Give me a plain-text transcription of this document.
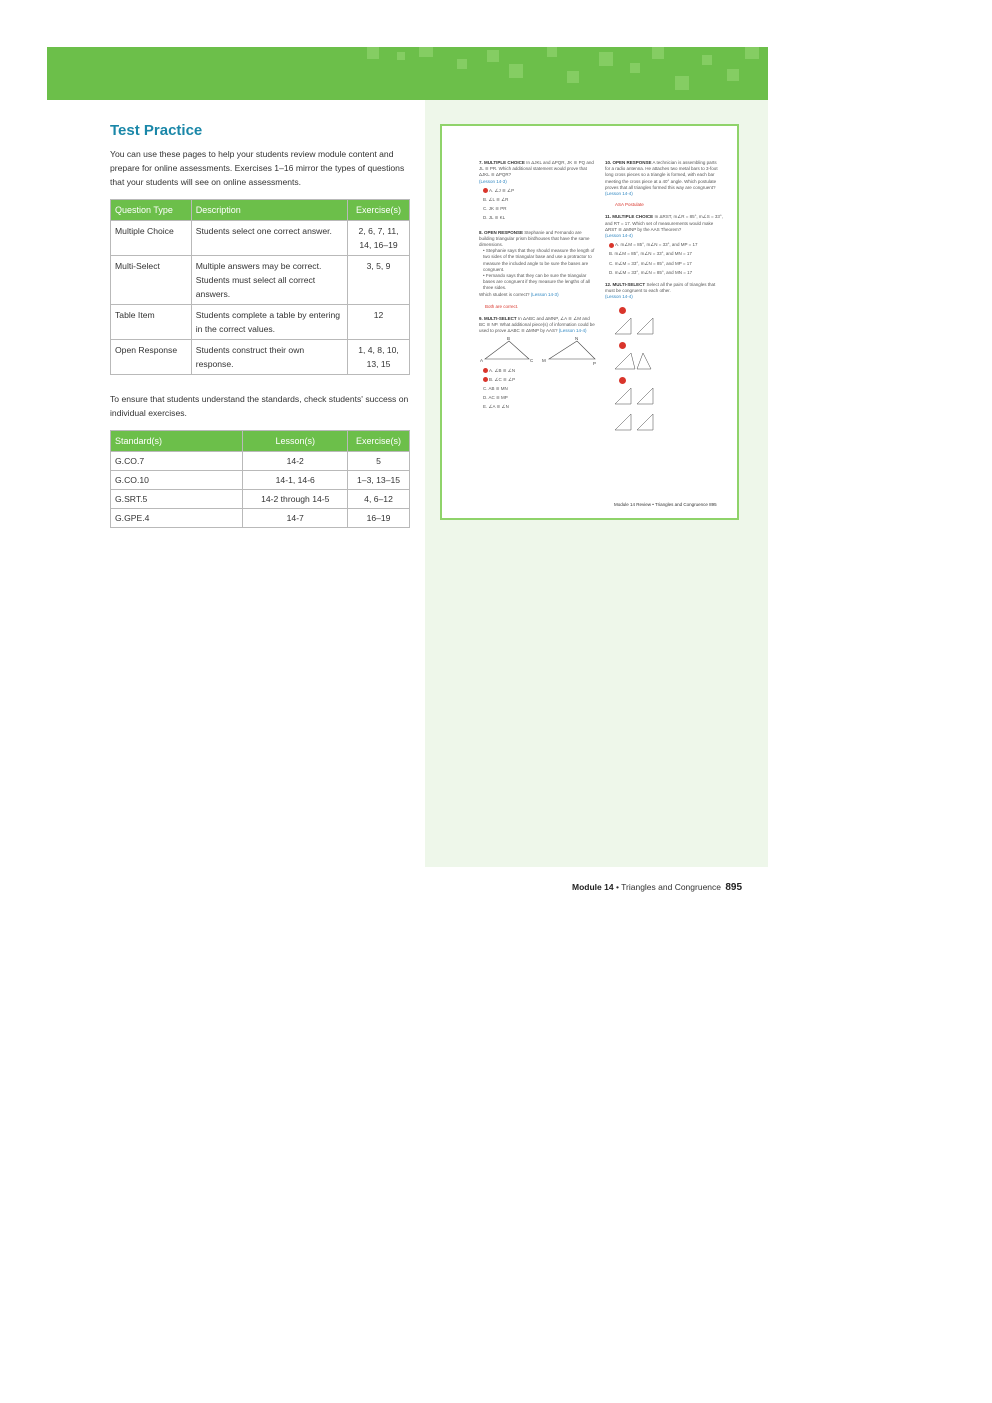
Test Practice

You can use these pages to help your students review module content and prepare for online assessments. Exercises 1–16 mirror the types of questions that your students will see on online assessments.

Question Type	Description	Exercise(s)
Multiple Choice	Students select one correct answer.	2, 6, 7, 11, 14, 16–19
Multi-Select	Multiple answers may be correct. Students must select all correct answers.	3, 5, 9
Table Item	Students complete a table by entering in the correct values.	12
Open Response	Students construct their own response.	1, 4, 8, 10, 13, 15

To ensure that students understand the standards, check students' success on individual exercises.

Standard(s)	Lesson(s)	Exercise(s)
G.CO.7	14-2	5
G.CO.10	14-1, 14-6	1–3, 13–15
G.SRT.5	14-2 through 14-5	4, 6–12
G.GPE.4	14-7	16–19
7. MULTIPLE CHOICE In ΔJKL and ΔPQR, JK ≅ PQ and JL ≅ PR. Which additional statement would prove that ΔJKL ≅ ΔPQR?
(Lesson 14-3)
A. ∠J ≅ ∠P
B. ∠L ≅ ∠R
C. JK ≅ PR
D. JL ≅ KL
8. OPEN RESPONSE Stephanie and Fernando are building triangular prism birdhouses that have the same dimensions.
• Stephanie says that they should measure the length of two sides of the triangular base and use a protractor to measure the included angle to be sure the bases are congruent.
• Fernando says that they can be sure the triangular bases are congruent if they measure the lengths of all three sides.
Which student is correct? (Lesson 14-3)
Both are correct.
9. MULTI-SELECT In ΔABC and ΔMNP, ∠A ≅ ∠M and BC ≅ NP. What additional piece(s) of information could be used to prove ΔABC ≅ ΔMNP by AAS? (Lesson 14-4)
B	N
A	C M
P
A. ∠B ≅ ∠N
B. ∠C ≅ ∠P
C. AB ≅ MN
D. AC ≅ MP
E. ∠A ≅ ∠N
10. OPEN RESPONSE A technician is assembling parts for a radio antenna. He attaches two metal bars to 3-foot long cross pieces so a triangle is formed, with each bar meeting the cross piece at a 40° angle. Which postulate proves that all triangles formed this way are congruent? (Lesson 14-4)
ASA Postulate
11. MULTIPLE CHOICE In ΔRST, m∠R = 85°, m∠S = 33°, and RT = 17. Which set of measurements would make ΔRST ≅ ΔMNP by the AAS Theorem?
(Lesson 14-4)
A. m∠M = 85°, m∠N = 33°, and MP = 17
B. m∠M = 85°, m∠N = 33°, and MN = 17
C. m∠M = 33°, m∠N = 85°, and MP = 17
D. m∠M = 33°, m∠N = 85°, and MN = 17
12. MULTI-SELECT Select all the pairs of triangles that must be congruent to each other.
(Lesson 14-4)
Module 14 Review • Triangles and Congruence 895
Module 14 • Triangles and Congruence 895
